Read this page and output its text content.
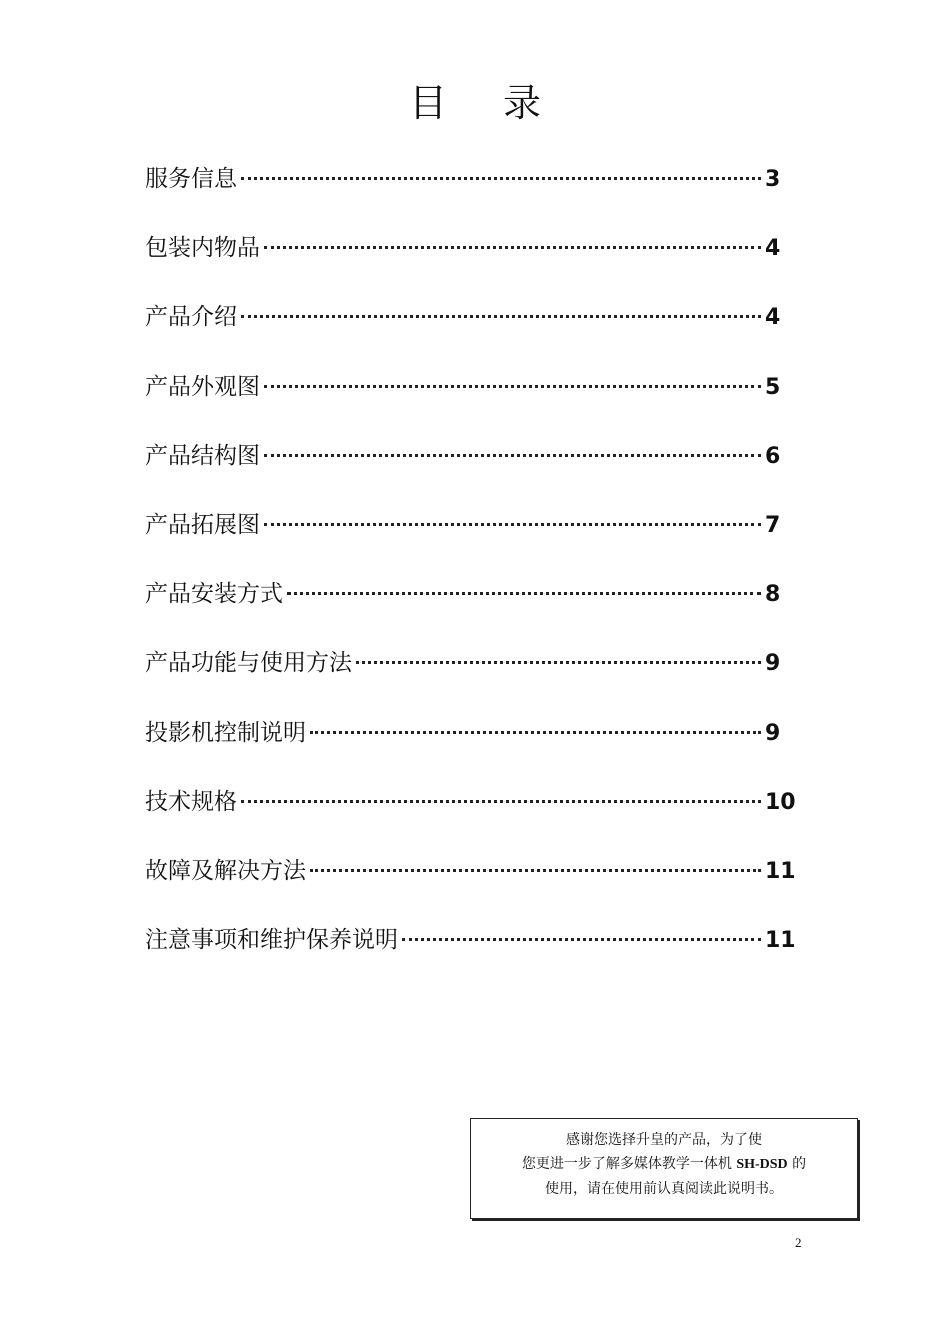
目 录
服务信息	3
包装内物品	4
产品介绍	4
产品外观图	5
产品结构图	6
产品拓展图	7
产品安装方式	8
产品功能与使用方法	9
投影机控制说明	9
技术规格	10
故障及解决方法	11
注意事项和维护保养说明	11
感谢您选择升皇的产品，为了使
您更进一步了解多媒体教学一体机 SH-DSD 的
使用，请在使用前认真阅读此说明书。
2
